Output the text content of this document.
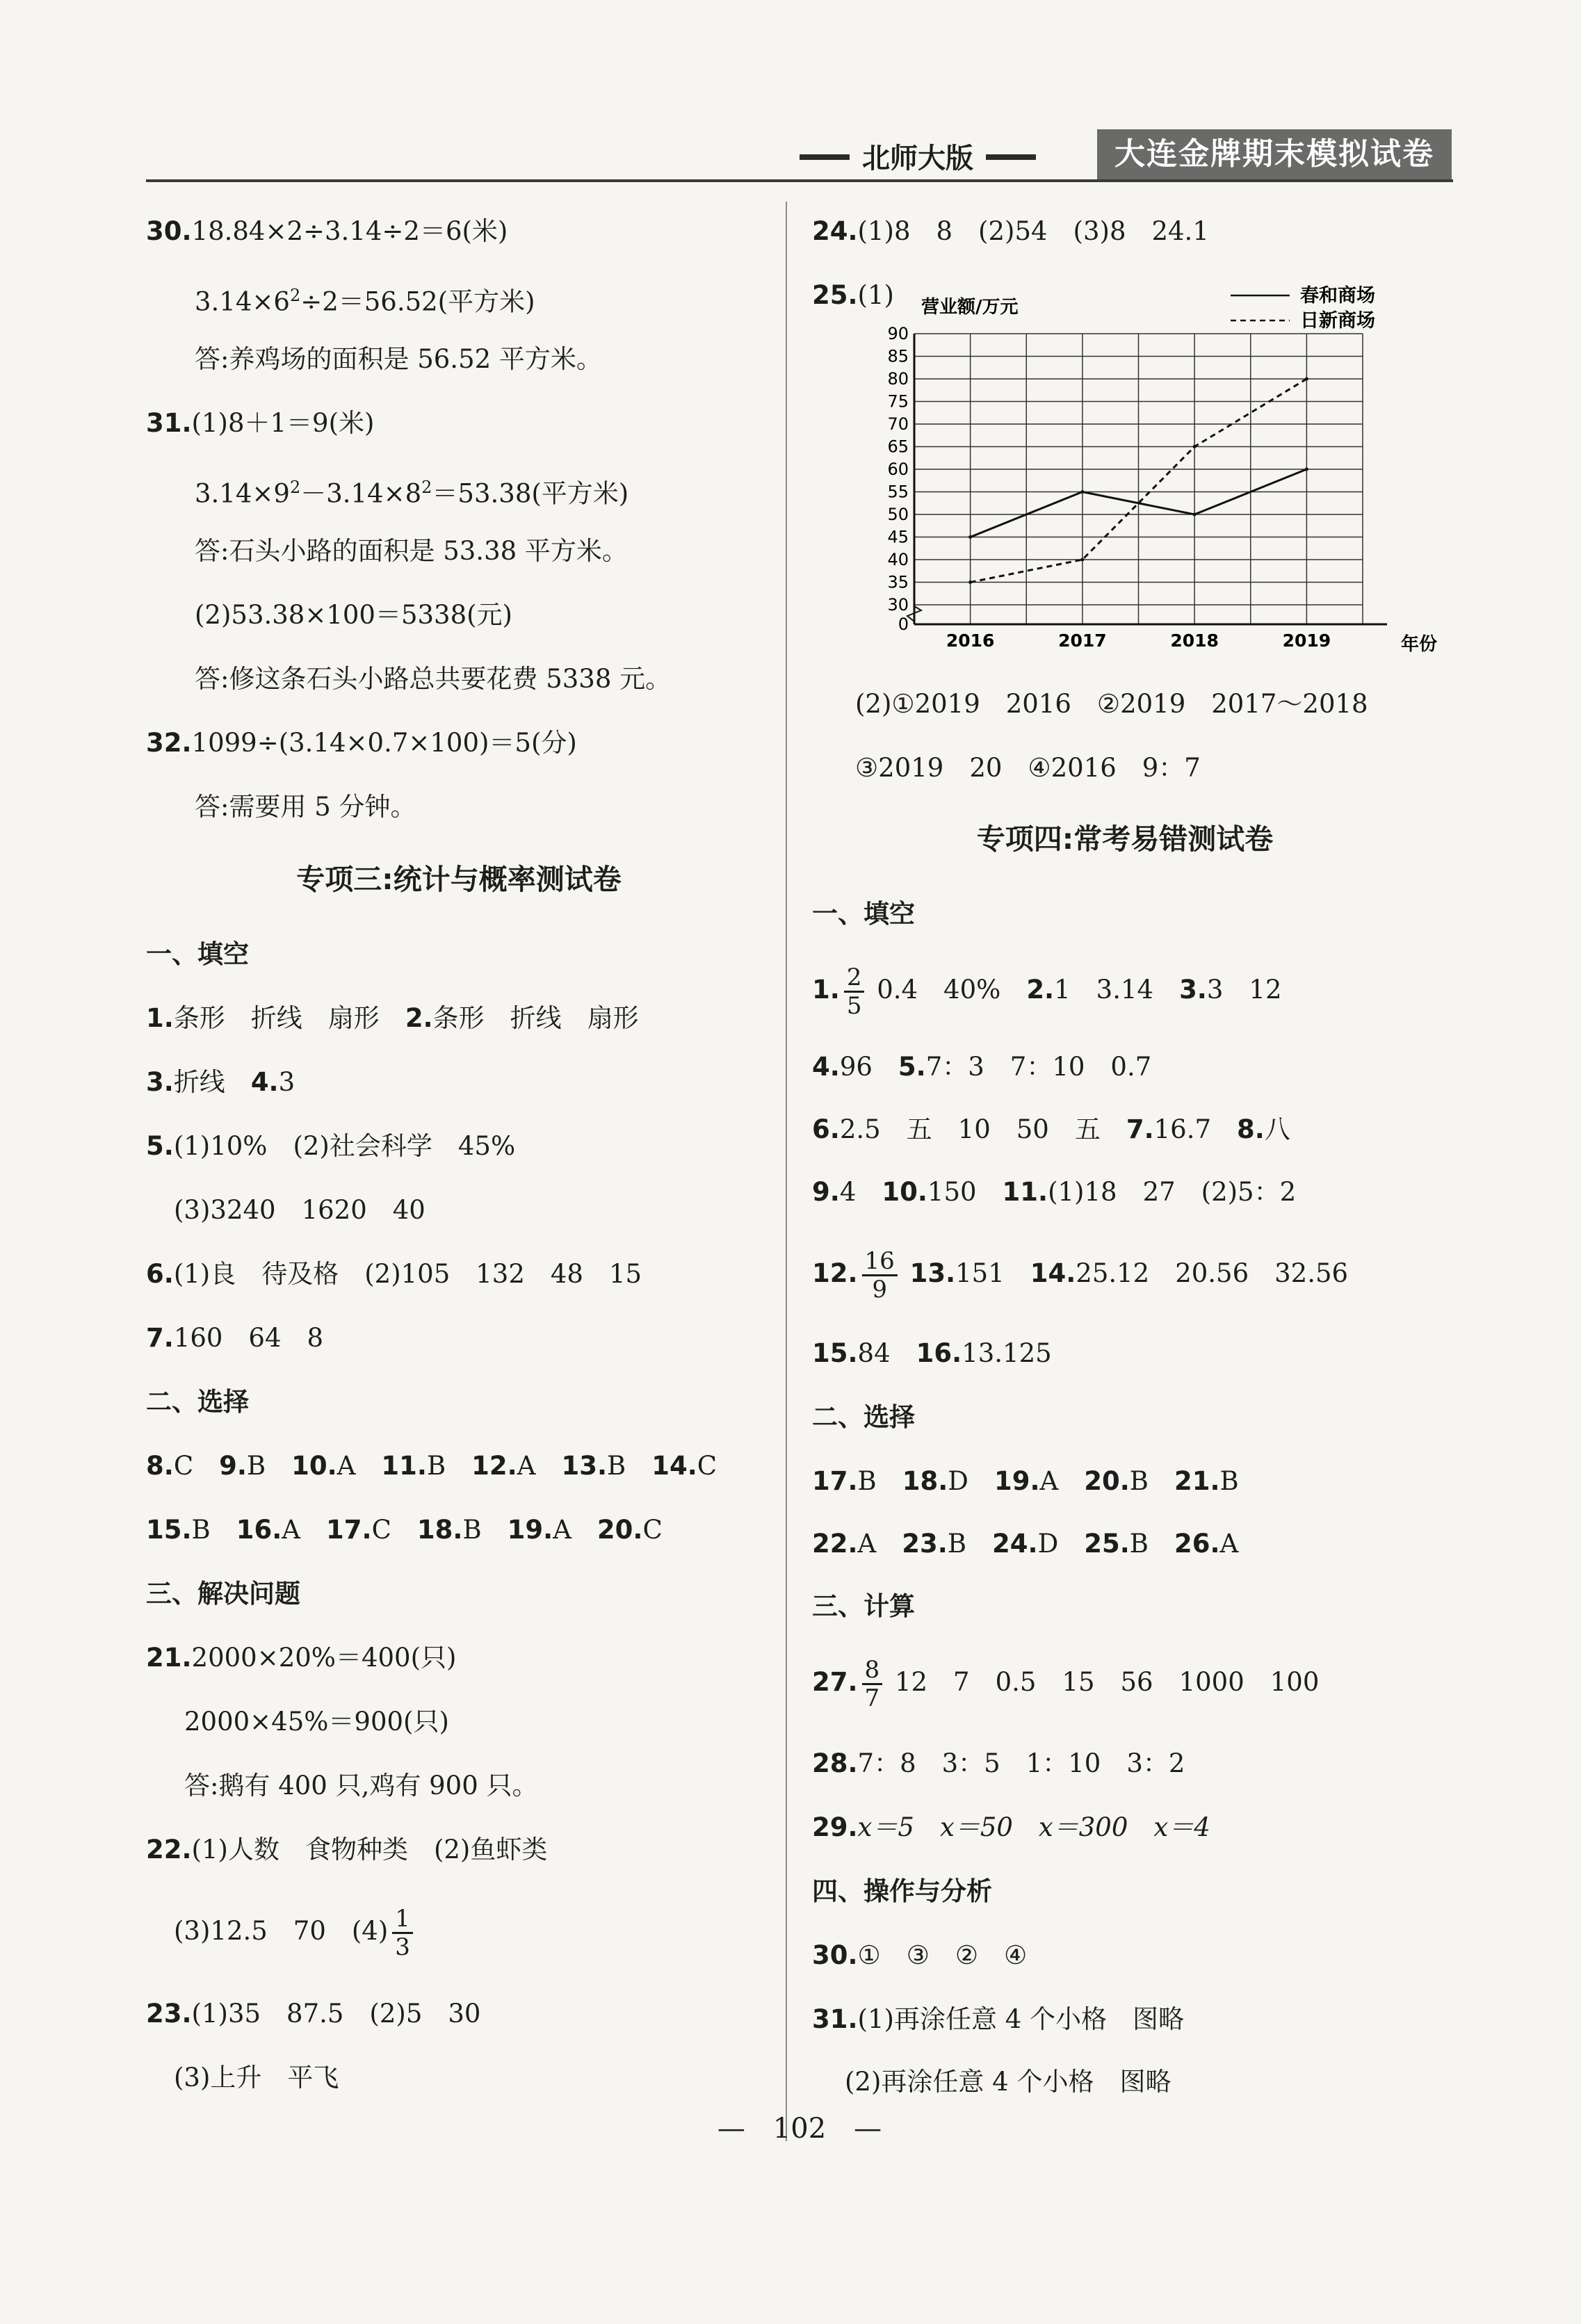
北师大版	大连金牌期末模拟试卷
30.18.84×2÷3.14÷2＝6(米)
$3.14\times 6^2\div 2=56.52$(平方米)
答:养鸡场的面积是 56.52 平方米。
31.(1)8＋1＝9(米)
$3.14\times 9^2-3.14\times 8^2=53.38$(平方米)
答:石头小路的面积是 53.38 平方米。
(2)53.38×100＝5338(元)
答:修这条石头小路总共要花费 5338 元。
32.1099÷(3.14×0.7×100)＝5(分)
答:需要用 5 分钟。
专项三:统计与概率测试卷
一、填空
1.条形　折线　扇形　2.条形　折线　扇形
3.折线　4.3
5.(1)10%　(2)社会科学　45%
(3)3240　1620　40
6.(1)良　待及格　(2)105　132　48　15
7.160　64　8
二、选择
8.C　9.B　10.A　11.B　12.A　13.B　14.C　
15.B　16.A　17.C　18.B　19.A　20.C　
三、解决问题
21.2000×20%＝400(只)
2000×45%＝900(只)
答:鹅有 400 只,鸡有 900 只。
22.(1)人数　食物种类　(2)鱼虾类
(3)12.5　70　$(4) \frac{1}{3}$
23.(1)35　87.5　(2)5　30
(3)上升　平飞
24.(1)8　8　(2)54　(3)8　24.1
25.(1) 营业额/万元
年份
0
30
35
40
45
50
55
60
65
70
75
80
85
90
2016	2017	2018	2019
春和商场
日新商场
(2)①2019　2016　②2019　2017～2018
③2019　20　④2016　9：7
专项四:常考易错测试卷
一、填空
1. $\frac{2}{5} 0.4$　40%　2.1　3.14　3.3　12
4.96　5.7：3　7：10　0.7
6.2.5　五　10　50　五　7.16.7　8.八
9.4　10.150　11.(1)18　27　(2)5：2
12. $\frac{16}{9} 13.151$　14.25.12　20.56　32.56
15.84　16.13.125
二、选择
17.B　18.D　19.A　20.B　21.B　
22.A　23.B　24.D　25.B　26.A　
三、计算
27. $\frac{8}{7} 12$　7　0.5　15　56　1000　100
28.7：8　3：5　1：10　3：2
29.x＝5　x＝50　x＝300　x＝4
四、操作与分析
30.①　③　②　④
31.(1)再涂任意 4 个小格　图略
(2)再涂任意 4 个小格　图略
—　102　—
